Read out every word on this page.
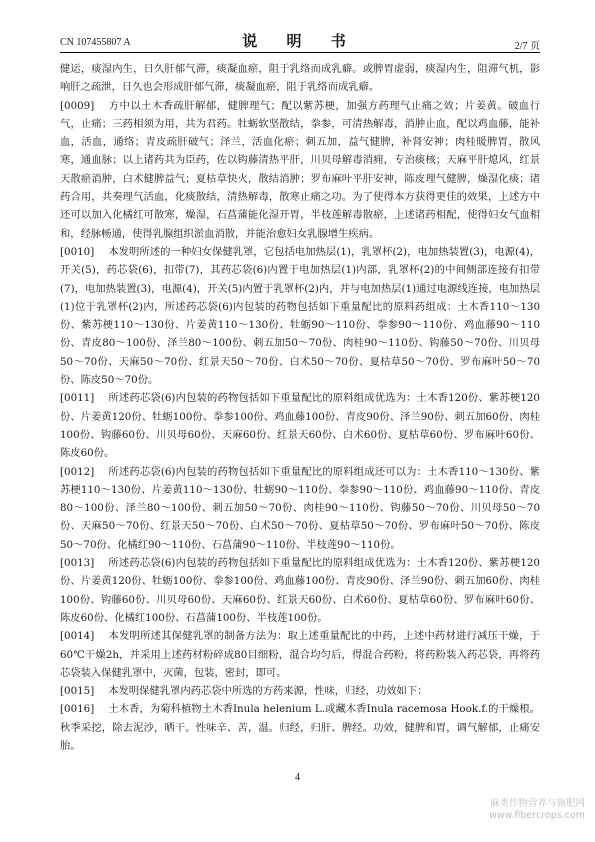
CN 107455807 A	说 明 书	2/7 页

健运，痰湿内生，日久肝郁气滞，痰凝血瘀，阻于乳络而成乳癖。或脾胃虚弱，痰湿内生，阻滞气机，影响肝之疏泄，日久也会形成肝郁气滞，痰凝血瘀，阻于乳络而成乳癖。

[0009] 方中以土木香疏肝解郁，健脾理气；配以紫苏梗，加强方药理气止痛之效；片姜黄。破血行气，止痛；三药相须为用，共为君药。牡蛎软坚散结，拳参，可清热解毒，消肿止血，配以鸡血藤，能补血，活血，通络；青皮疏肝破气；泽兰，活血化瘀；刺五加，益气健脾，补肾安神；肉桂暖脾胃，散风寒，通血脉；以上诸药共为臣药，佐以钩藤清热平肝，川贝母解毒消痈，专治痰核；天麻平肝熄风，红景天散瘀消肿，白术健脾益气；夏枯草快火，散结消肿；罗布麻叶平肝安神，陈皮理气健脾，燥湿化痰；诸药合用，共奏理气活血，化痰散结，清热解毒，散寒止痛之功。为了使得本方获得更佳的效果，上述方中还可以加入化橘红可散寒，燥湿，石菖蒲能化湿开胃，半枝莲解毒散瘀，上述诸药相配，使得妇女气血相和，经脉畅通，使得乳腺组织淤血消散，并能治愈妇女乳腺增生疾病。

[0010] 本发明所述的一种妇女保健乳罩，它包括电加热层(1)，乳罩杯(2)，电加热装置(3)，电源(4)，开关(5)，药芯袋(6)，扣带(7)，其药芯袋(6)内置于电加热层(1)内部，乳罩杯(2)的中间侧部连接有扣带(7)，电加热装置(3)，电源(4)，开关(5)内置于乳罩杯(2)内，并与电加热层(1)通过电源线连接，电加热层(1)位于乳罩杯(2)内，所述药芯袋(6)内包装的药物包括如下重量配比的原料药组成：土木香110～130份、紫苏梗110～130份、片姜黄110～130份、牡蛎90～110份、拳参90～110份、鸡血藤90～110份、青皮80～100份、泽兰80～100份、刺五加50～70份、肉桂90～110份、钩藤50～70份、川贝母50～70份、天麻50～70份、红景天50～70份、白术50～70份、夏枯草50～70份、罗布麻叶50～70份、陈皮50～70份。

[0011] 所述药芯袋(6)内包装的药物包括如下重量配比的原料组成优选为：土木香120份、紫苏梗120份、片姜黄120份、牡蛎100份、拳参100份、鸡血藤100份、青皮90份、泽兰90份、刺五加60份、肉桂100份、钩藤60份、川贝母60份、天麻60份、红景天60份、白术60份、夏枯草60份、罗布麻叶60份、陈皮60份。

[0012] 所述药芯袋(6)内包装的药物包括如下重量配比的原料组成还可以为：土木香110～130份、紫苏梗110～130份、片姜黄110～130份、牡蛎90～110份、拳参90～110份、鸡血藤90～110份、青皮80～100份、泽兰80～100份、刺五加50～70份、肉桂90～110份、钩藤50～70份、川贝母50～70份、天麻50～70份、红景天50～70份、白术50～70份、夏枯草50～70份、罗布麻叶50～70份、陈皮50～70份、化橘红90～110份、石菖蒲90～110份、半枝莲90～110份。

[0013] 所述药芯袋(6)内包装的药物包括如下重量配比的原料组成优选为：土木香120份、紫苏梗120份、片姜黄120份、牡蛎100份、拳参100份、鸡血藤100份、青皮90份、泽兰90份、刺五加60份、肉桂100份、钩藤60份、川贝母60份、天麻60份、红景天60份、白术60份、夏枯草60份、罗布麻叶60份、陈皮60份、化橘红100份、石菖蒲100份、半枝莲100份。

[0014] 本发明所述其保健乳罩的制备方法为：取上述重量配比的中药，上述中药材进行减压干燥，于60℃干燥2h，并采用上述药材粉碎成80目细粉，混合均匀后，得混合药粉，将药粉装入药芯袋，再将药芯袋装入保健乳罩中，灭菌，包装，密封，即可。

[0015] 本发明保健乳罩内药芯袋中所选的方药来源，性味，归经，功效如下：

[0016] 土木香，为菊科植物土木香Inula helenium L.或藏木香Inula racemosa Hook.f.的干燥根。秋季采挖，除去泥沙，晒干。性味辛、苦，温。归经，归肝、脾经。功效，健脾和胃，调气解郁，止痛安胎。

4
麻类作物营养与施肥网
www.fibercrops.com
